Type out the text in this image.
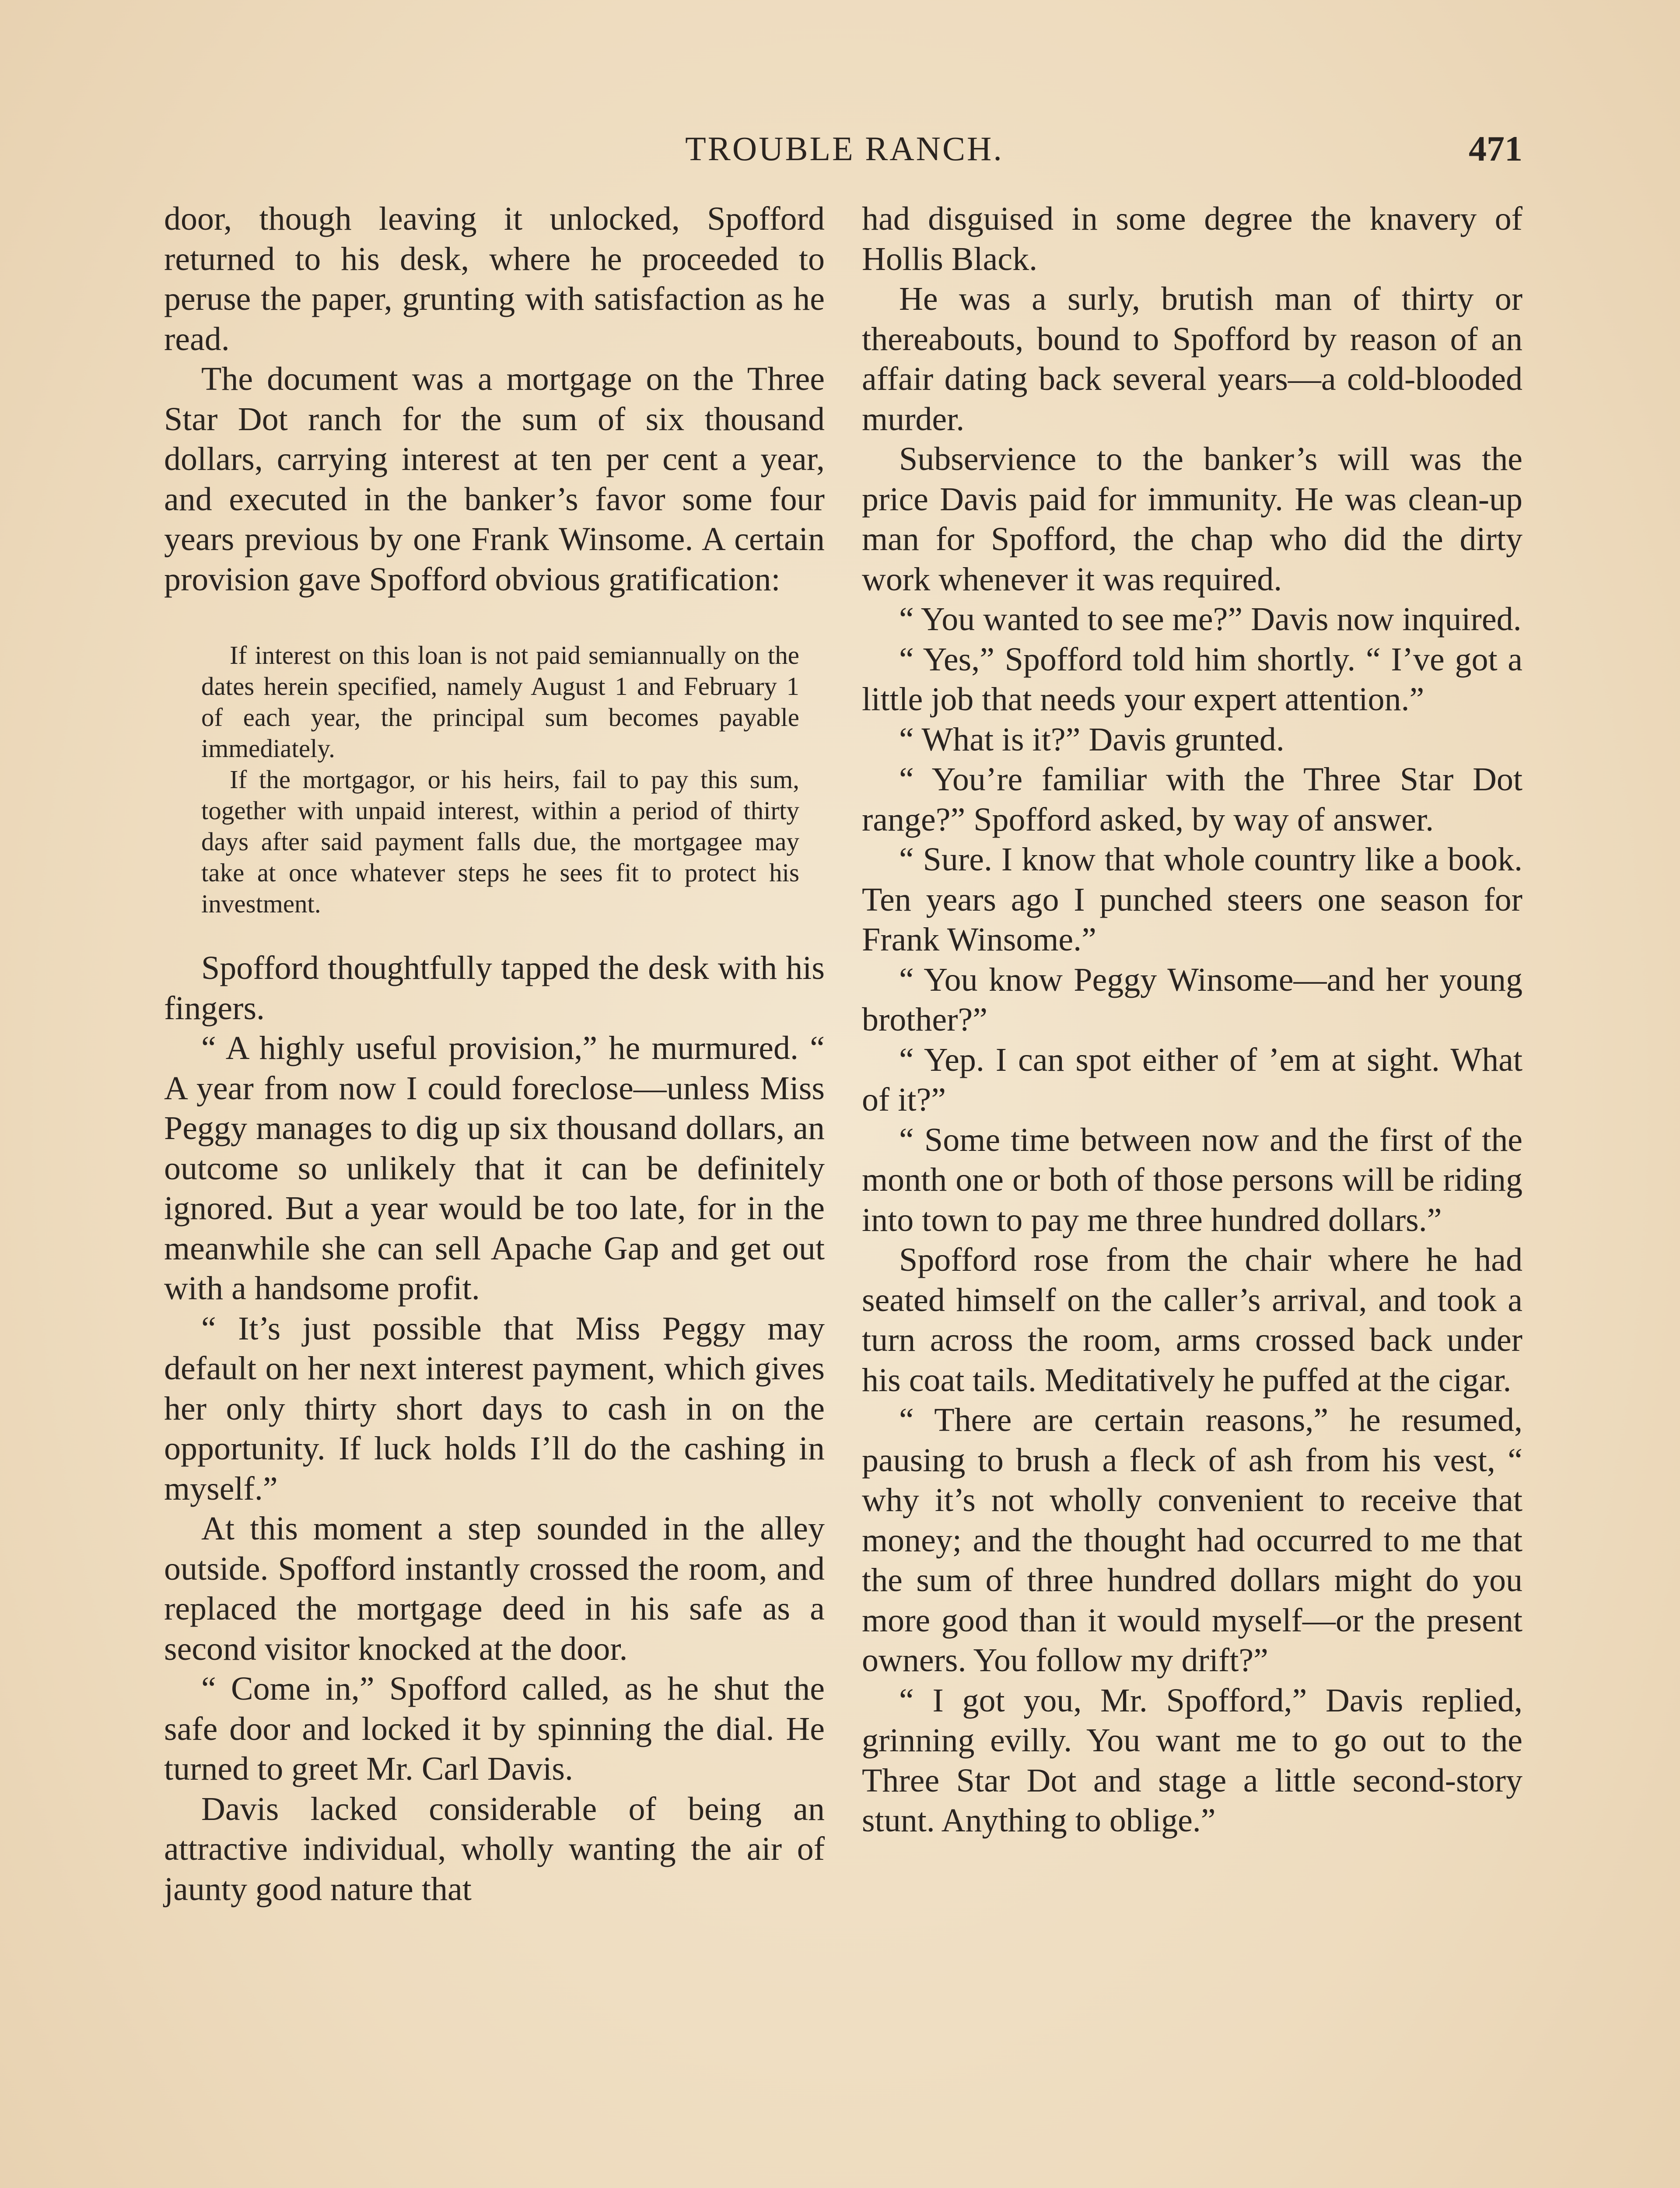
TROUBLE RANCH.	471

door, though leaving it unlocked, Spofford returned to his desk, where he proceeded to peruse the paper, grunting with satisfaction as he read.

The document was a mortgage on the Three Star Dot ranch for the sum of six thousand dollars, carrying interest at ten per cent a year, and executed in the banker’s favor some four years previous by one Frank Winsome. A certain provision gave Spofford obvious gratification:

If interest on this loan is not paid semiannually on the dates herein specified, namely August 1 and February 1 of each year, the principal sum becomes payable immediately.

If the mortgagor, or his heirs, fail to pay this sum, together with unpaid interest, within a period of thirty days after said payment falls due, the mortgagee may take at once whatever steps he sees fit to protect his investment.

Spofford thoughtfully tapped the desk with his fingers.

“ A highly useful provision,” he murmured. “ A year from now I could foreclose—unless Miss Peggy manages to dig up six thousand dollars, an outcome so unlikely that it can be definitely ignored. But a year would be too late, for in the meanwhile she can sell Apache Gap and get out with a handsome profit.

“ It’s just possible that Miss Peggy may default on her next interest payment, which gives her only thirty short days to cash in on the opportunity. If luck holds I’ll do the cashing in myself.”

At this moment a step sounded in the alley outside. Spofford instantly crossed the room, and replaced the mortgage deed in his safe as a second visitor knocked at the door.

“ Come in,” Spofford called, as he shut the safe door and locked it by spinning the dial. He turned to greet Mr. Carl Davis.

Davis lacked considerable of being an attractive individual, wholly wanting the air of jaunty good nature that

had disguised in some degree the knavery of Hollis Black.

He was a surly, brutish man of thirty or thereabouts, bound to Spofford by reason of an affair dating back several years—a cold-blooded murder.

Subservience to the banker’s will was the price Davis paid for immunity. He was clean-up man for Spofford, the chap who did the dirty work whenever it was required.

“ You wanted to see me?” Davis now inquired.

“ Yes,” Spofford told him shortly. “ I’ve got a little job that needs your expert attention.”

“ What is it?” Davis grunted.

“ You’re familiar with the Three Star Dot range?” Spofford asked, by way of answer.

“ Sure. I know that whole country like a book. Ten years ago I punched steers one season for Frank Winsome.”

“ You know Peggy Winsome—and her young brother?”

“ Yep. I can spot either of ’em at sight. What of it?”

“ Some time between now and the first of the month one or both of those persons will be riding into town to pay me three hundred dollars.”

Spofford rose from the chair where he had seated himself on the caller’s arrival, and took a turn across the room, arms crossed back under his coat tails. Meditatively he puffed at the cigar.

“ There are certain reasons,” he resumed, pausing to brush a fleck of ash from his vest, “ why it’s not wholly convenient to receive that money; and the thought had occurred to me that the sum of three hundred dollars might do you more good than it would myself—or the present owners. You follow my drift?”

“ I got you, Mr. Spofford,” Davis replied, grinning evilly. You want me to go out to the Three Star Dot and stage a little second-story stunt. Anything to oblige.”
